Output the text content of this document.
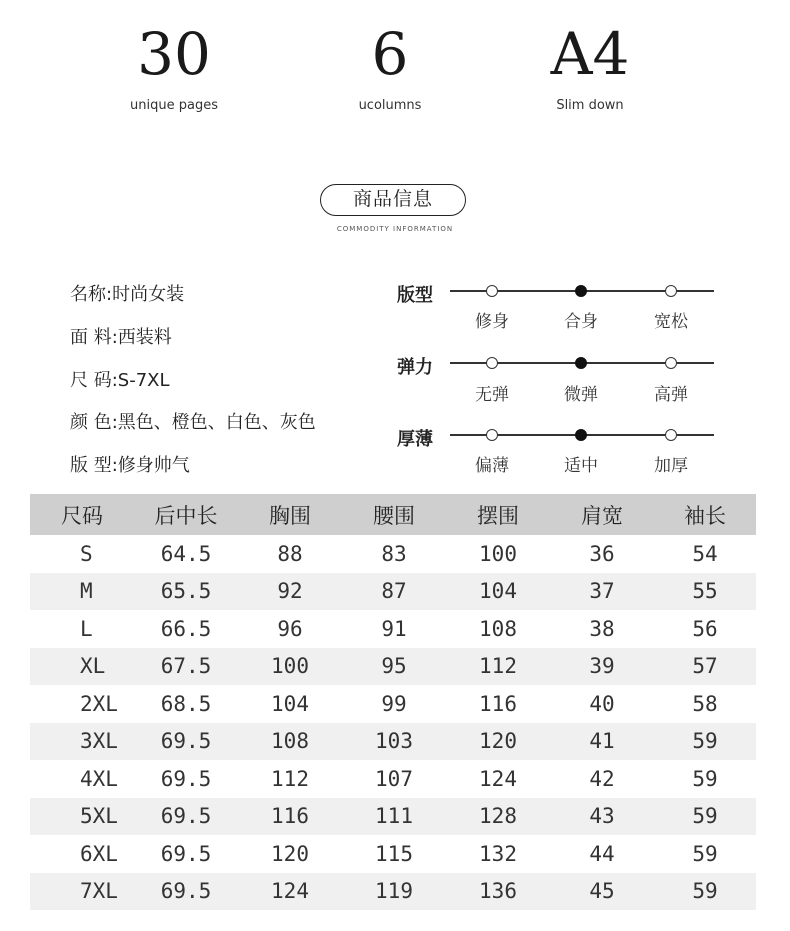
30
unique pages
6
ucolumns
A4
Slim down
商品信息
COMMODITY INFORMATION
名称:时尚女装
面 料:西装料
尺 码:S-7XL
颜 色:黑色、橙色、白色、灰色
版 型:修身帅气
版型
修身	合身	宽松
弹力
无弹	微弹	高弹
厚薄
偏薄	适中	加厚
尺码	后中长	胸围	腰围	摆围	肩宽	袖长
S	64.5	88	83	100	36	54
M	65.5	92	87	104	37	55
L	66.5	96	91	108	38	56
XL	67.5	100	95	112	39	57
2XL	68.5	104	99	116	40	58
3XL	69.5	108	103	120	41	59
4XL	69.5	112	107	124	42	59
5XL	69.5	116	111	128	43	59
6XL	69.5	120	115	132	44	59
7XL	69.5	124	119	136	45	59
